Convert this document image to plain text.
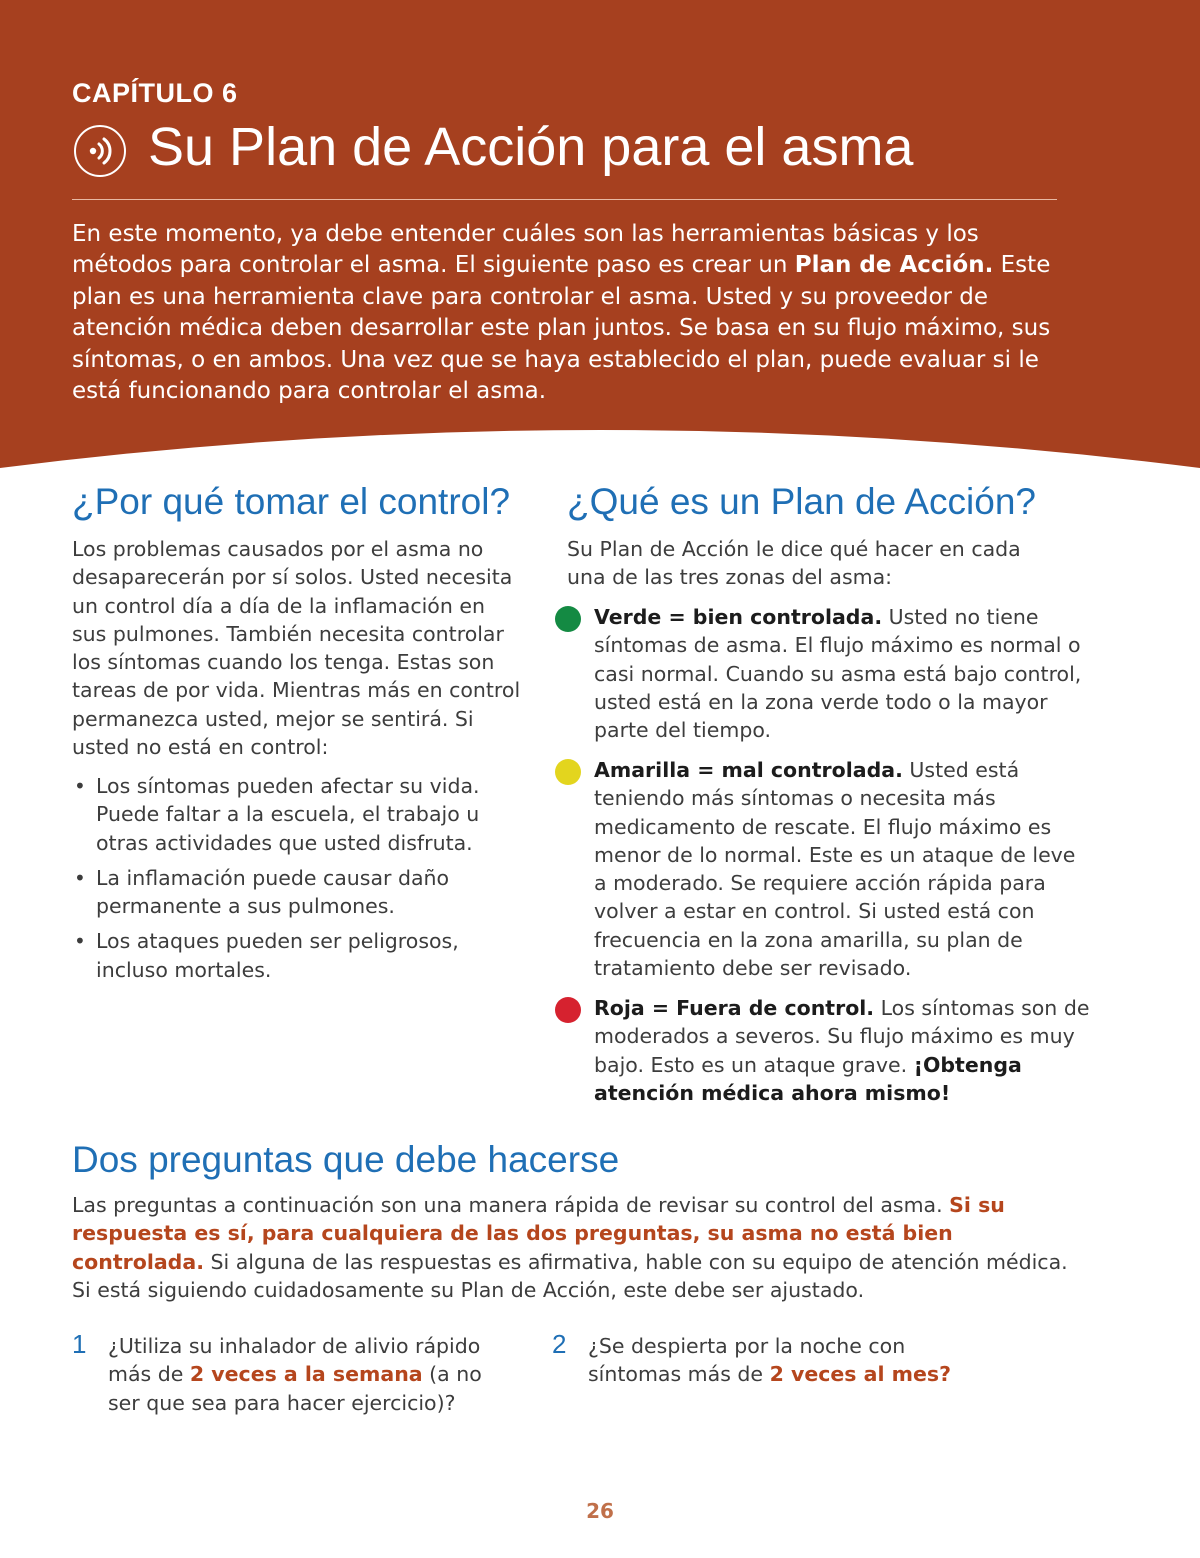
CAPÍTULO 6

Su Plan de Acción para el asma

En este momento, ya debe entender cuáles son las herramientas básicas y los métodos para controlar el asma. El siguiente paso es crear un Plan de Acción. Este plan es una herramienta clave para controlar el asma. Usted y su proveedor de atención médica deben desarrollar este plan juntos. Se basa en su flujo máximo, sus síntomas, o en ambos. Una vez que se haya establecido el plan, puede evaluar si le está funcionando para controlar el asma.

¿Por qué tomar el control?

Los problemas causados por el asma no desaparecerán por sí solos. Usted necesita un control día a día de la inflamación en sus pulmones. También necesita controlar los síntomas cuando los tenga. Estas son tareas de por vida. Mientras más en control permanezca usted, mejor se sentirá. Si usted no está en control:

• Los síntomas pueden afectar su vida. Puede faltar a la escuela, el trabajo u otras actividades que usted disfruta.
• La inflamación puede causar daño permanente a sus pulmones.
• Los ataques pueden ser peligrosos, incluso mortales.
¿Qué es un Plan de Acción?

Su Plan de Acción le dice qué hacer en cada una de las tres zonas del asma:

Verde = bien controlada. Usted no tiene síntomas de asma. El flujo máximo es normal o casi normal. Cuando su asma está bajo control, usted está en la zona verde todo o la mayor parte del tiempo.

Amarilla = mal controlada. Usted está teniendo más síntomas o necesita más medicamento de rescate. El flujo máximo es menor de lo normal. Este es un ataque de leve a moderado. Se requiere acción rápida para volver a estar en control. Si usted está con frecuencia en la zona amarilla, su plan de tratamiento debe ser revisado.

Roja = Fuera de control. Los síntomas son de moderados a severos. Su flujo máximo es muy bajo. Esto es un ataque grave. ¡Obtenga atención médica ahora mismo!

Dos preguntas que debe hacerse

Las preguntas a continuación son una manera rápida de revisar su control del asma. Si su respuesta es sí, para cualquiera de las dos preguntas, su asma no está bien controlada. Si alguna de las respuestas es afirmativa, hable con su equipo de atención médica. Si está siguiendo cuidadosamente su Plan de Acción, este debe ser ajustado.

1 ¿Utiliza su inhalador de alivio rápido más de 2 veces a la semana (a no ser que sea para hacer ejercicio)?

2 ¿Se despierta por la noche con síntomas más de 2 veces al mes?

26
